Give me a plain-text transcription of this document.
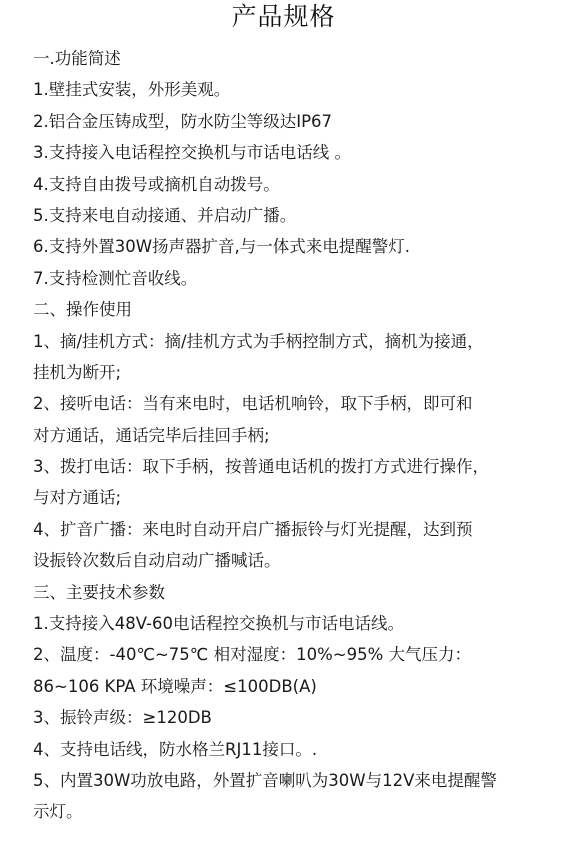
产品规格
一.功能简述
1.壁挂式安装，外形美观。
2.铝合金压铸成型，防水防尘等级达IP67
3.支持接入电话程控交换机与市话电话线 。
4.支持自由拨号或摘机自动拨号。
5.支持来电自动接通、并启动广播。
6.支持外置30W扬声器扩音,与一体式来电提醒警灯.
7.支持检测忙音收线。
二、操作使用
1、摘/挂机方式：摘/挂机方式为手柄控制方式，摘机为接通，
挂机为断开;
2、接听电话：当有来电时，电话机响铃，取下手柄，即可和
对方通话，通话完毕后挂回手柄;
3、拨打电话：取下手柄，按普通电话机的拨打方式进行操作，
与对方通话;
4、扩音广播：来电时自动开启广播振铃与灯光提醒，达到预
设振铃次数后自动启动广播喊话。
三、主要技术参数
1.支持接入48V-60电话程控交换机与市话电话线。
2、温度：-40℃~75℃ 相对湿度：10%~95% 大气压力：
86~106 KPA 环境噪声：≤100DB(A)
3、振铃声级：≥120DB
4、支持电话线，防水格兰RJ11接口。.
5、内置30W功放电路，外置扩音喇叭为30W与12V来电提醒警
示灯。
